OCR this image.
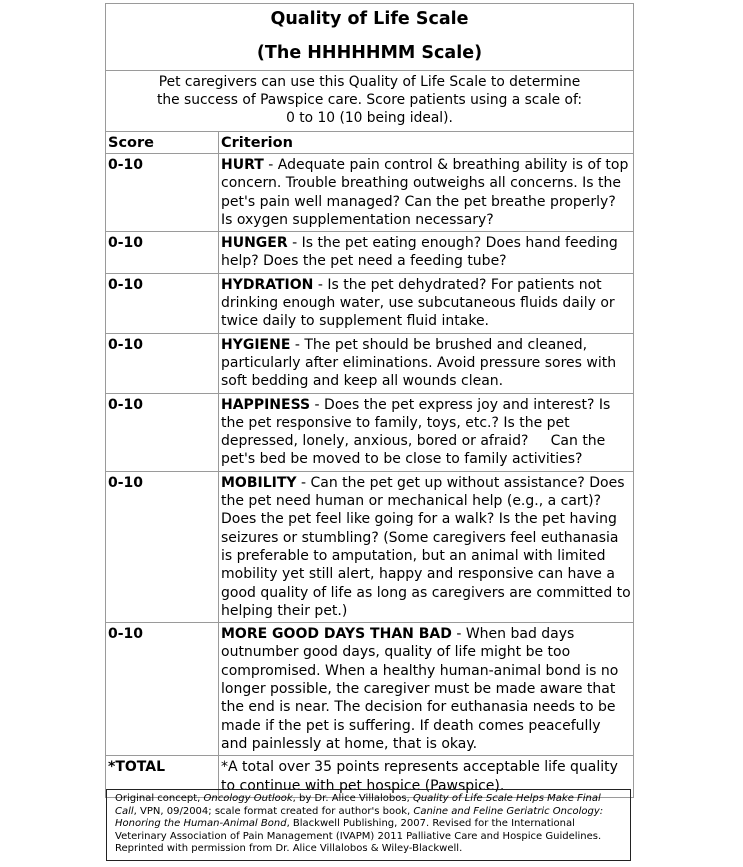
Quality of Life Scale
(The HHHHHMM Scale)	

Pet caregivers can use this Quality of Life Scale to determine
the success of Pawspice care. Score patients using a scale of:
0 to 10 (10 being ideal).	
Score	Criterion
0-10	HURT - Adequate pain control & breathing ability is of top concern. Trouble breathing outweighs all concerns. Is the pet's pain well managed? Can the pet breathe properly? Is oxygen supplementation necessary?
0-10	HUNGER - Is the pet eating enough? Does hand feeding help? Does the pet need a feeding tube?
0-10	HYDRATION - Is the pet dehydrated? For patients not drinking enough water, use subcutaneous fluids daily or twice daily to supplement fluid intake.
0-10	HYGIENE - The pet should be brushed and cleaned, particularly after eliminations. Avoid pressure sores with soft bedding and keep all wounds clean.
0-10	HAPPINESS - Does the pet express joy and interest? Is the pet responsive to family, toys, etc.? Is the pet depressed, lonely, anxious, bored or afraid?     Can the pet's bed be moved to be close to family activities?
0-10	MOBILITY - Can the pet get up without assistance? Does the pet need human or mechanical help (e.g., a cart)? Does the pet feel like going for a walk? Is the pet having seizures or stumbling? (Some caregivers feel euthanasia is preferable to amputation, but an animal with limited mobility yet still alert, happy and responsive can have a good quality of life as long as caregivers are committed to helping their pet.)
0-10	MORE GOOD DAYS THAN BAD - When bad days outnumber good days, quality of life might be too compromised. When a healthy human-animal bond is no longer possible, the caregiver must be made aware that the end is near. The decision for euthanasia needs to be made if the pet is suffering. If death comes peacefully and painlessly at home, that is okay.
*TOTAL	*A total over 35 points represents acceptable life quality to continue with pet hospice (Pawspice).
Original concept, Oncology Outlook, by Dr. Alice Villalobos, Quality of Life Scale Helps Make Final Call, VPN, 09/2004; scale format created for author's book, Canine and Feline Geriatric Oncology: Honoring the Human-Animal Bond, Blackwell Publishing, 2007. Revised for the International Veterinary Association of Pain Management (IVAPM) 2011 Palliative Care and Hospice Guidelines. Reprinted with permission from Dr. Alice Villalobos & Wiley-Blackwell.
